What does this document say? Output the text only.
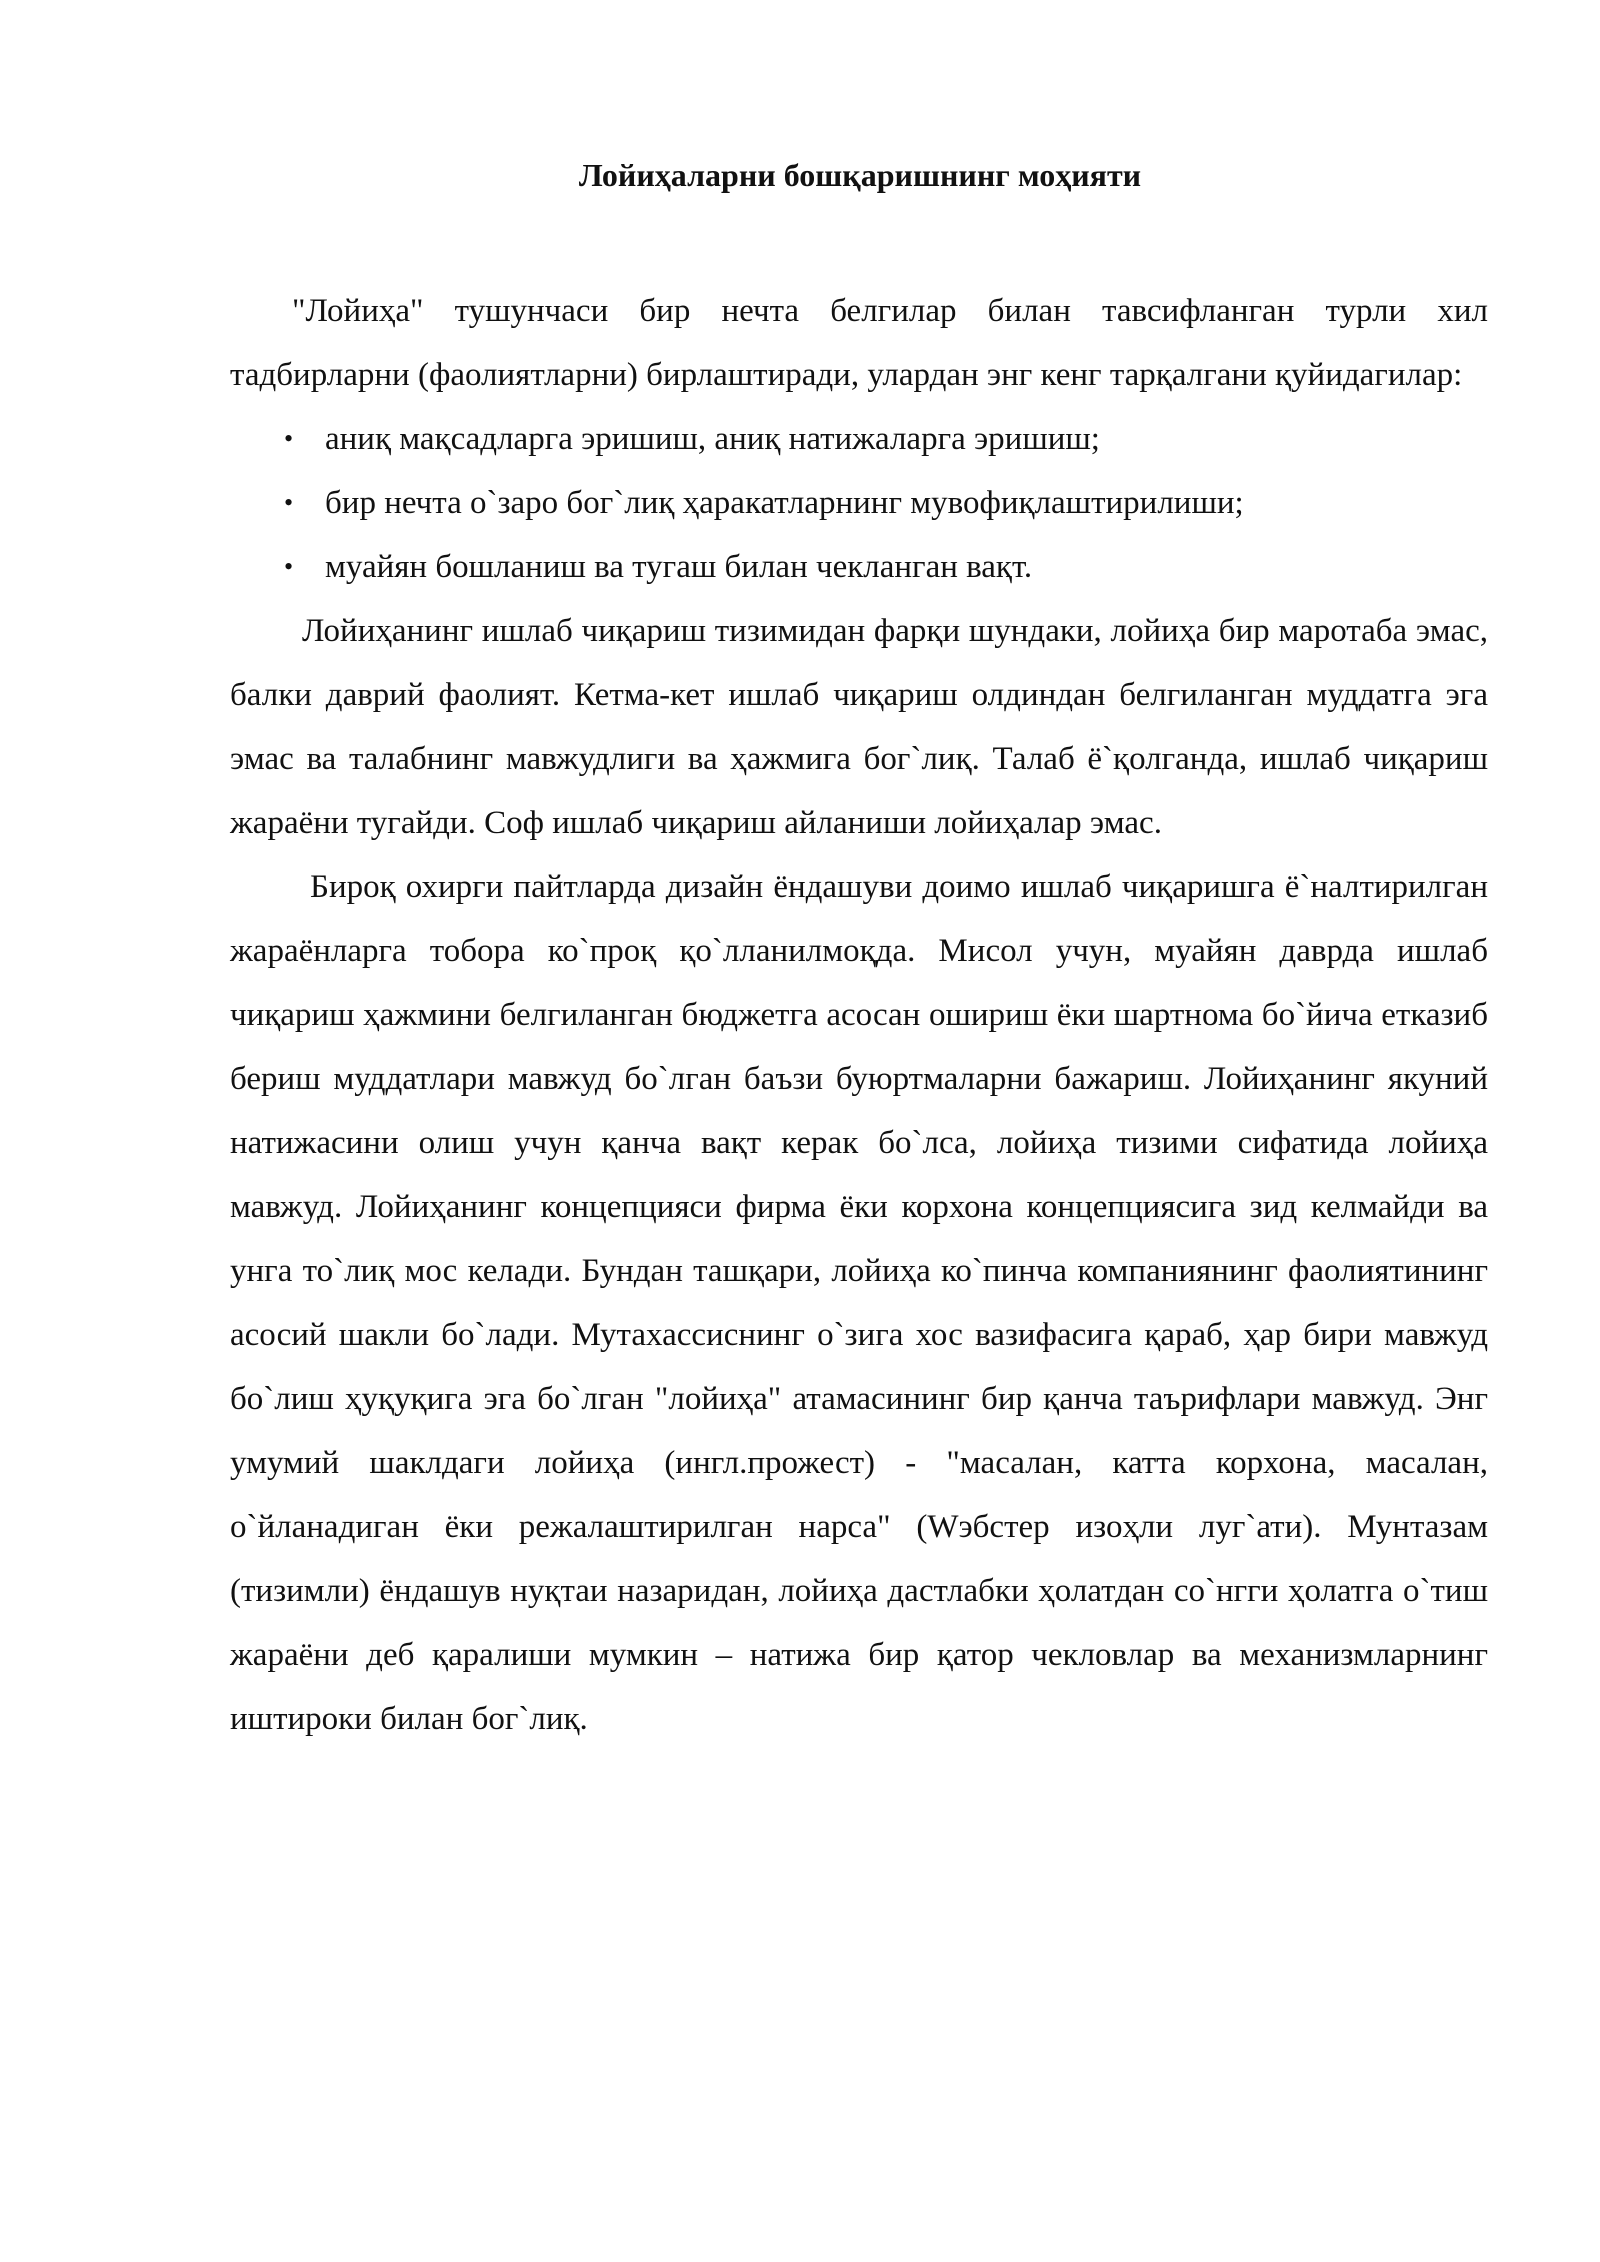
Лойиҳаларни бошқаришнинг моҳияти

"Лойиҳа" тушунчаси бир нечта белгилар билан тавсифланган турли хил тадбирларни (фаолиятларни) бирлаштиради, улардан энг кенг тарқалгани қуйидагилар:

• аниқ мақсадларга эришиш, аниқ натижаларга эришиш;
• бир нечта о`заро бог`лиқ ҳаракатларнинг мувофиқлаштирилиши;
• муайян бошланиш ва тугаш билан чекланган вақт.

Лойиҳанинг ишлаб чиқариш тизимидан фарқи шундаки, лойиҳа бир маротаба эмас, балки даврий фаолият. Кетма-кет ишлаб чиқариш олдиндан белгиланган муддатга эга эмас ва талабнинг мавжудлиги ва ҳажмига бог`лиқ. Талаб ё`қолганда, ишлаб чиқариш жараёни тугайди. Соф ишлаб чиқариш айланиши лойиҳалар эмас.

Бироқ охирги пайтларда дизайн ёндашуви доимо ишлаб чиқаришга ё`налтирилган жараёнларга тобора ко`проқ қо`лланилмоқда. Мисол учун, муайян даврда ишлаб чиқариш ҳажмини белгиланган бюджетга асосан ошириш ёки шартнома бо`йича етказиб бериш муддатлари мавжуд бо`лган баъзи буюртмаларни бажариш. Лойиҳанинг якуний натижасини олиш учун қанча вақт керак бо`лса, лойиҳа тизими сифатида лойиҳа мавжуд. Лойиҳанинг концепцияси фирма ёки корхона концепциясига зид келмайди ва унга то`лиқ мос келади. Бундан ташқари, лойиҳа ко`пинча компаниянинг фаолиятининг асосий шакли бо`лади. Мутахассиснинг о`зига хос вазифасига қараб, ҳар бири мавжуд бо`лиш ҳуқуқига эга бо`лган "лойиҳа" атамасининг бир қанча таърифлари мавжуд. Энг умумий шаклдаги лойиҳа (ингл.прожест) - "масалан, катта корхона, масалан, о`йланадиган ёки режалаштирилган нарса" (Wэбстер изоҳли луг`ати). Мунтазам (тизимли) ёндашув нуқтаи назаридан, лойиҳа дастлабки ҳолатдан со`нгги ҳолатга о`тиш жараёни деб қаралиши мумкин – натижа бир қатор чекловлар ва механизмларнинг иштироки билан бог`лиқ.
